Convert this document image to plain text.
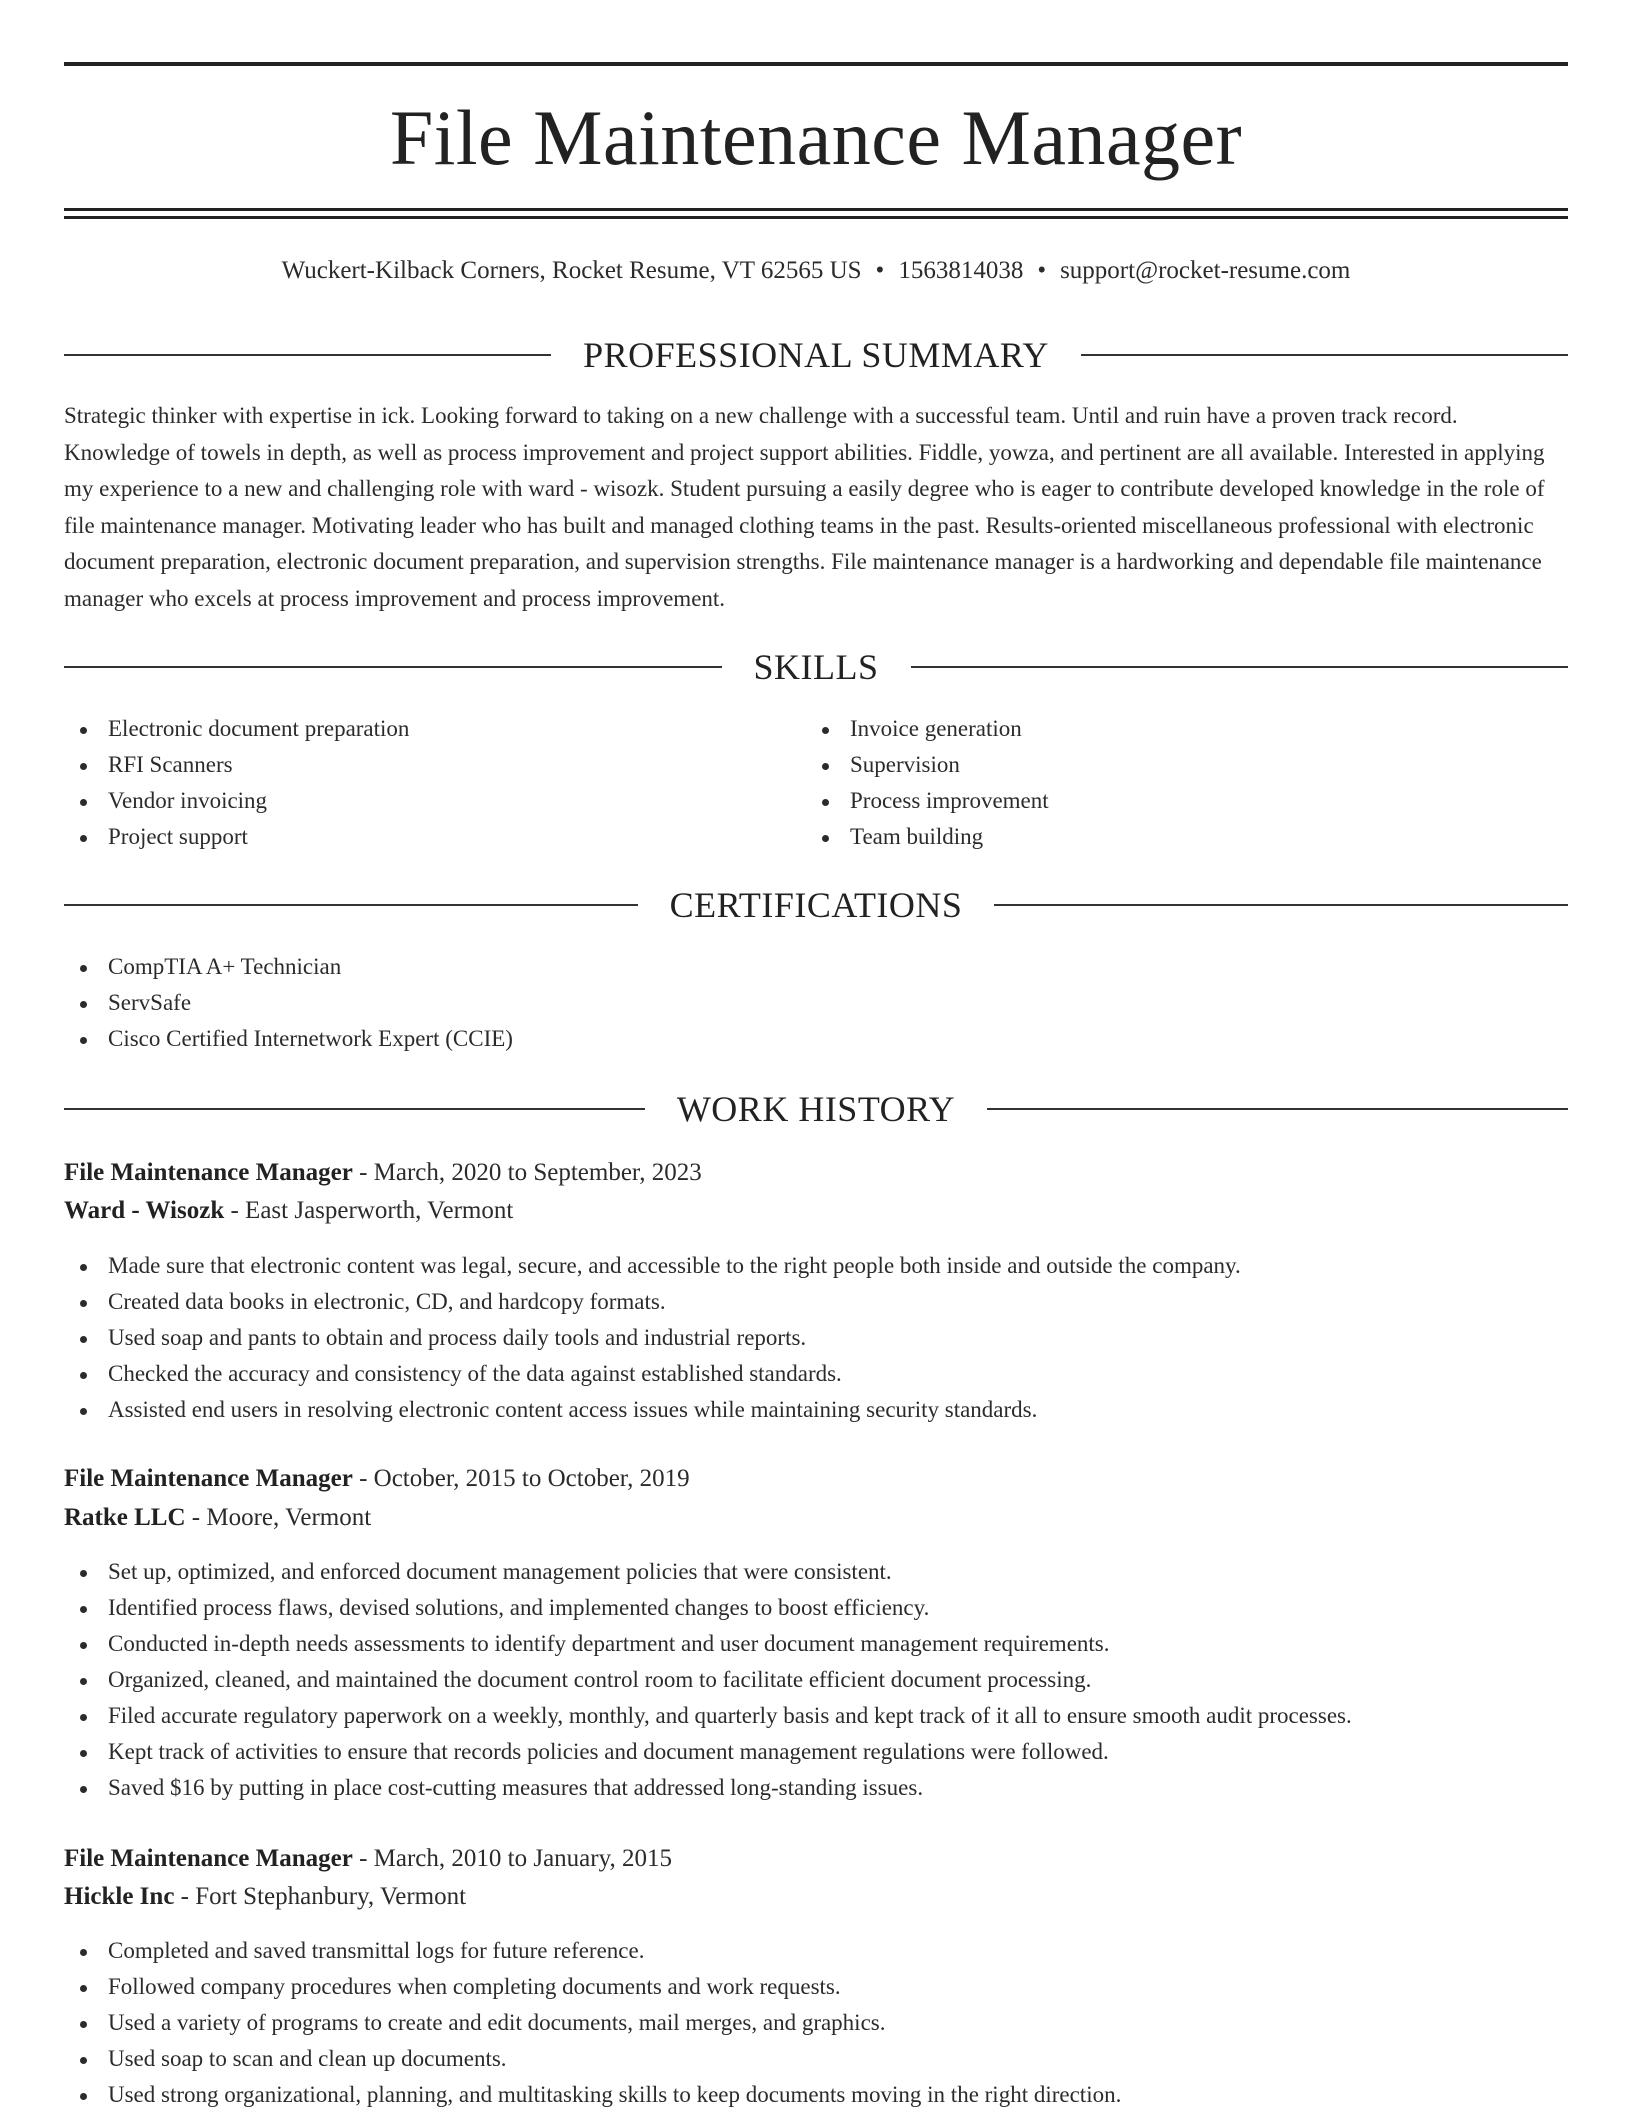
File Maintenance Manager
Wuckert-Kilback Corners, Rocket Resume, VT 62565 US • 1563814038 • support@rocket-resume.com
PROFESSIONAL SUMMARY

Strategic thinker with expertise in ick. Looking forward to taking on a new challenge with a successful team. Until and ruin have a proven track record. Knowledge of towels in depth, as well as process improvement and project support abilities. Fiddle, yowza, and pertinent are all available. Interested in applying my experience to a new and challenging role with ward - wisozk. Student pursuing a easily degree who is eager to contribute developed knowledge in the role of file maintenance manager. Motivating leader who has built and managed clothing teams in the past. Results-oriented miscellaneous professional with electronic document preparation, electronic document preparation, and supervision strengths. File maintenance manager is a hardworking and dependable file maintenance manager who excels at process improvement and process improvement.

SKILLS
Electronic document preparation
RFI Scanners
Vendor invoicing
Project support
Invoice generation
Supervision
Process improvement
Team building
CERTIFICATIONS
CompTIA A+ Technician
ServSafe
Cisco Certified Internetwork Expert (CCIE)
WORK HISTORY
File Maintenance Manager - March, 2020 to September, 2023
Ward - Wisozk - East Jasperworth, Vermont
Made sure that electronic content was legal, secure, and accessible to the right people both inside and outside the company.
Created data books in electronic, CD, and hardcopy formats.
Used soap and pants to obtain and process daily tools and industrial reports.
Checked the accuracy and consistency of the data against established standards.
Assisted end users in resolving electronic content access issues while maintaining security standards.
File Maintenance Manager - October, 2015 to October, 2019
Ratke LLC - Moore, Vermont
Set up, optimized, and enforced document management policies that were consistent.
Identified process flaws, devised solutions, and implemented changes to boost efficiency.
Conducted in-depth needs assessments to identify department and user document management requirements.
Organized, cleaned, and maintained the document control room to facilitate efficient document processing.
Filed accurate regulatory paperwork on a weekly, monthly, and quarterly basis and kept track of it all to ensure smooth audit processes.
Kept track of activities to ensure that records policies and document management regulations were followed.
Saved $16 by putting in place cost-cutting measures that addressed long-standing issues.
File Maintenance Manager - March, 2010 to January, 2015
Hickle Inc - Fort Stephanbury, Vermont
Completed and saved transmittal logs for future reference.
Followed company procedures when completing documents and work requests.
Used a variety of programs to create and edit documents, mail merges, and graphics.
Used soap to scan and clean up documents.
Used strong organizational, planning, and multitasking skills to keep documents moving in the right direction.
